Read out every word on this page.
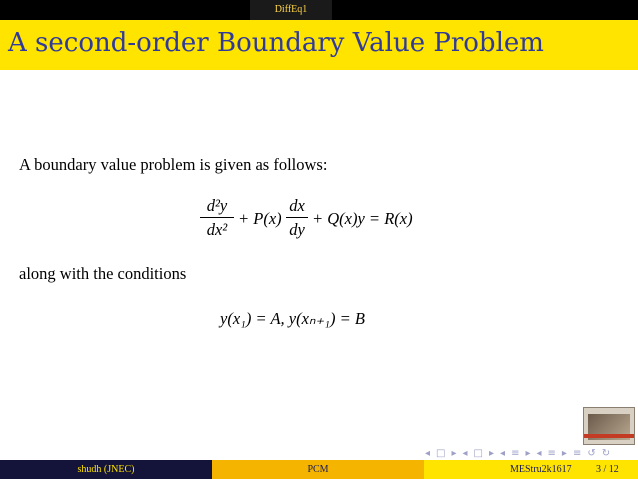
DiffEq1
A second-order Boundary Value Problem
A boundary value problem is given as follows:
d²y
dx²
+ P(x)
dx
dy
+ Q(x)y = R(x)
along with the conditions
y(x₁) = A, y(xₙ₊₁) = B
◂ □ ▸ ◂ □ ▸ ◂ ≡ ▸ ◂ ≡ ▸ ≡ ↺ ↻
shudh (JNEC)	PCM	MEStru2k1617 3 / 12
